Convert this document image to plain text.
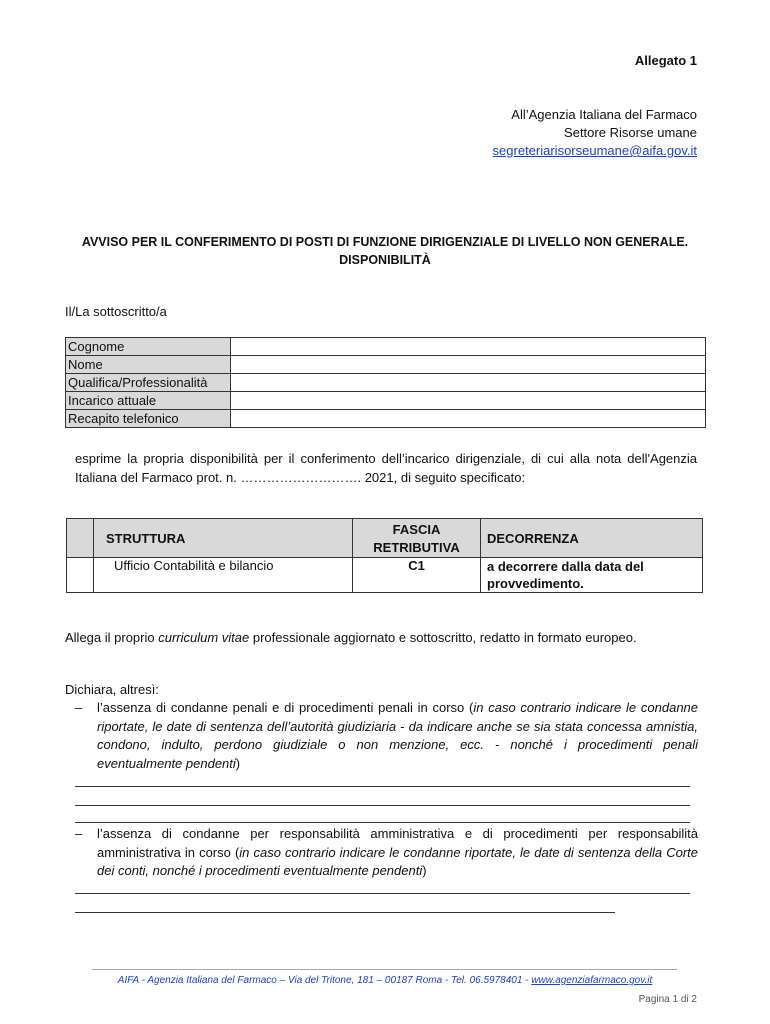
Allegato 1
All’Agenzia Italiana del Farmaco
Settore Risorse umane
segreteriarisorseumane@aifa.gov.it
AVVISO PER IL CONFERIMENTO DI POSTI DI FUNZIONE DIRIGENZIALE DI LIVELLO NON GENERALE.
DISPONIBILITÀ
Il/La sottoscritto/a
Cognome	
Nome	
Qualifica/Professionalità	
Incarico attuale	
Recapito telefonico	
esprime la propria disponibilità per il conferimento dell’incarico dirigenziale, di cui alla nota dell'Agenzia Italiana del Farmaco prot. n. ………………………. 2021, di seguito specificato:
	STRUTTURA	FASCIA RETRIBUTIVA	DECORRENZA
	Ufficio Contabilità e bilancio	C1	a decorrere dalla data del provvedimento.
Allega il proprio curriculum vitae professionale aggiornato e sottoscritto, redatto in formato europeo.
Dichiara, altresì:
– l’assenza di condanne penali e di procedimenti penali in corso (in caso contrario indicare le condanne riportate, le date di sentenza dell’autorità giudiziaria - da indicare anche se sia stata concessa amnistia, condono, indulto, perdono giudiziale o non menzione, ecc. - nonché i procedimenti penali eventualmente pendenti)
– l’assenza di condanne per responsabilità amministrativa e di procedimenti per responsabilità amministrativa in corso (in caso contrario indicare le condanne riportate, le date di sentenza della Corte dei conti, nonché i procedimenti eventualmente pendenti)
AIFA - Agenzia Italiana del Farmaco – Via del Tritone, 181 – 00187 Roma - Tel. 06.5978401 - www.agenziafarmaco.gov.it
Pagina 1 di 2
